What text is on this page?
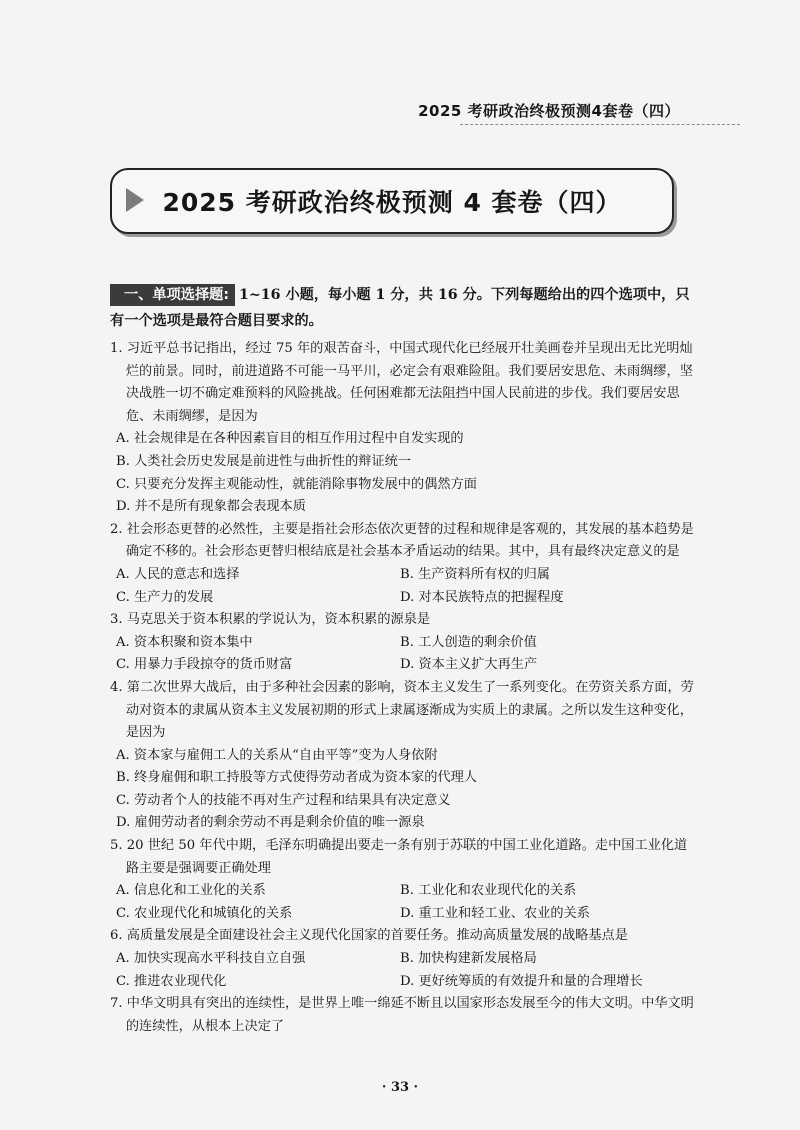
2025 考研政治终极预测4套卷（四）
2025 考研政治终极预测 4 套卷（四）

一、单项选择题: 1~16 小题，每小题 1 分，共 16 分。下列每题给出的四个选项中，只有一个选项是最符合题目要求的。

1. 习近平总书记指出，经过 75 年的艰苦奋斗，中国式现代化已经展开壮美画卷并呈现出无比光明灿烂的前景。同时，前进道路不可能一马平川，必定会有艰难险阻。我们要居安思危、未雨绸缪，坚决战胜一切不确定难预料的风险挑战。任何困难都无法阻挡中国人民前进的步伐。我们要居安思危、未雨绸缪，是因为
A. 社会规律是在各种因素盲目的相互作用过程中自发实现的
B. 人类社会历史发展是前进性与曲折性的辩证统一
C. 只要充分发挥主观能动性，就能消除事物发展中的偶然方面
D. 并不是所有现象都会表现本质
2. 社会形态更替的必然性，主要是指社会形态依次更替的过程和规律是客观的，其发展的基本趋势是确定不移的。社会形态更替归根结底是社会基本矛盾运动的结果。其中，具有最终决定意义的是
A. 人民的意志和选择	B. 生产资料所有权的归属
C. 生产力的发展	D. 对本民族特点的把握程度
3. 马克思关于资本积累的学说认为，资本积累的源泉是
A. 资本积聚和资本集中	B. 工人创造的剩余价值
C. 用暴力手段掠夺的货币财富	D. 资本主义扩大再生产
4. 第二次世界大战后，由于多种社会因素的影响，资本主义发生了一系列变化。在劳资关系方面，劳动对资本的隶属从资本主义发展初期的形式上隶属逐渐成为实质上的隶属。之所以发生这种变化，是因为
A. 资本家与雇佣工人的关系从“自由平等”变为人身依附
B. 终身雇佣和职工持股等方式使得劳动者成为资本家的代理人
C. 劳动者个人的技能不再对生产过程和结果具有决定意义
D. 雇佣劳动者的剩余劳动不再是剩余价值的唯一源泉
5. 20 世纪 50 年代中期，毛泽东明确提出要走一条有别于苏联的中国工业化道路。走中国工业化道路主要是强调要正确处理
A. 信息化和工业化的关系	B. 工业化和农业现代化的关系
C. 农业现代化和城镇化的关系	D. 重工业和轻工业、农业的关系
6. 高质量发展是全面建设社会主义现代化国家的首要任务。推动高质量发展的战略基点是
A. 加快实现高水平科技自立自强	B. 加快构建新发展格局
C. 推进农业现代化	D. 更好统筹质的有效提升和量的合理增长
7. 中华文明具有突出的连续性，是世界上唯一绵延不断且以国家形态发展至今的伟大文明。中华文明的连续性，从根本上决定了
· 33 ·
